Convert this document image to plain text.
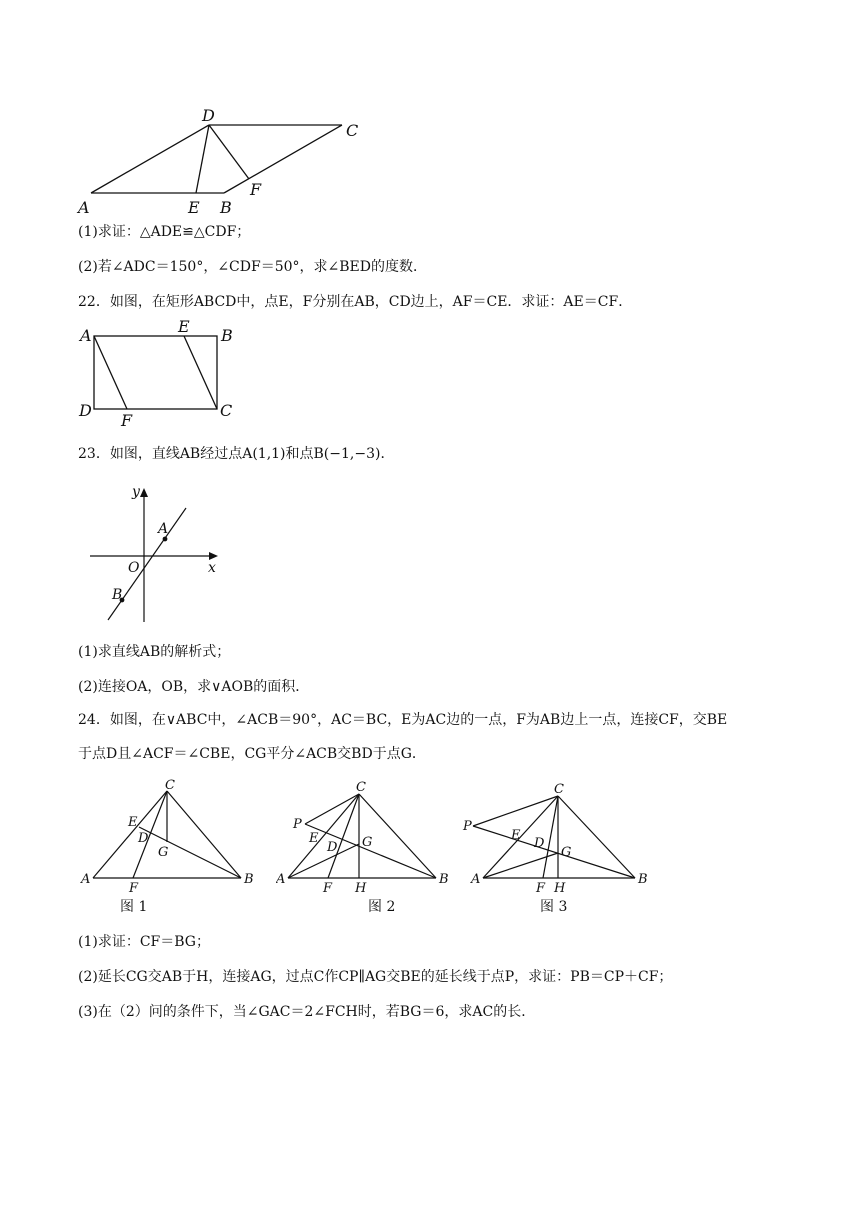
D
C
A	E B
F
(1)求证：△ADE≌△CDF；
(2)若∠ADC＝150°，∠CDF＝50°，求∠BED的度数．
22．如图，在矩形ABCD中，点E，F分别在AB，CD边上，AF＝CE．求证：AE＝CF．
A	E B
D
F
C
23．如图，直线AB经过点A(1,1)和点B(−1,−3)．
y
x
O
A
B
(1)求直线AB的解析式；
(2)连接OA，OB，求∨AOB的面积．
24．如图，在∨ABC中，∠ACB＝90°，AC＝BC，E为AC边的一点，F为AB边上一点，连接CF，交BE
于点D且∠ACF＝∠CBE，CG平分∠ACB交BD于点G．
C
E
D
G
A
F
B
图 1
C
P
E
D G
A
F H
B
图 2
C
P
E
D
G
A
F H
B
图 3
(1)求证：CF＝BG；
(2)延长CG交AB于H，连接AG，过点C作CP∥AG交BE的延长线于点P，求证：PB＝CP＋CF；
(3)在（2）问的条件下，当∠GAC＝2∠FCH时，若BG＝6，求AC的长．
